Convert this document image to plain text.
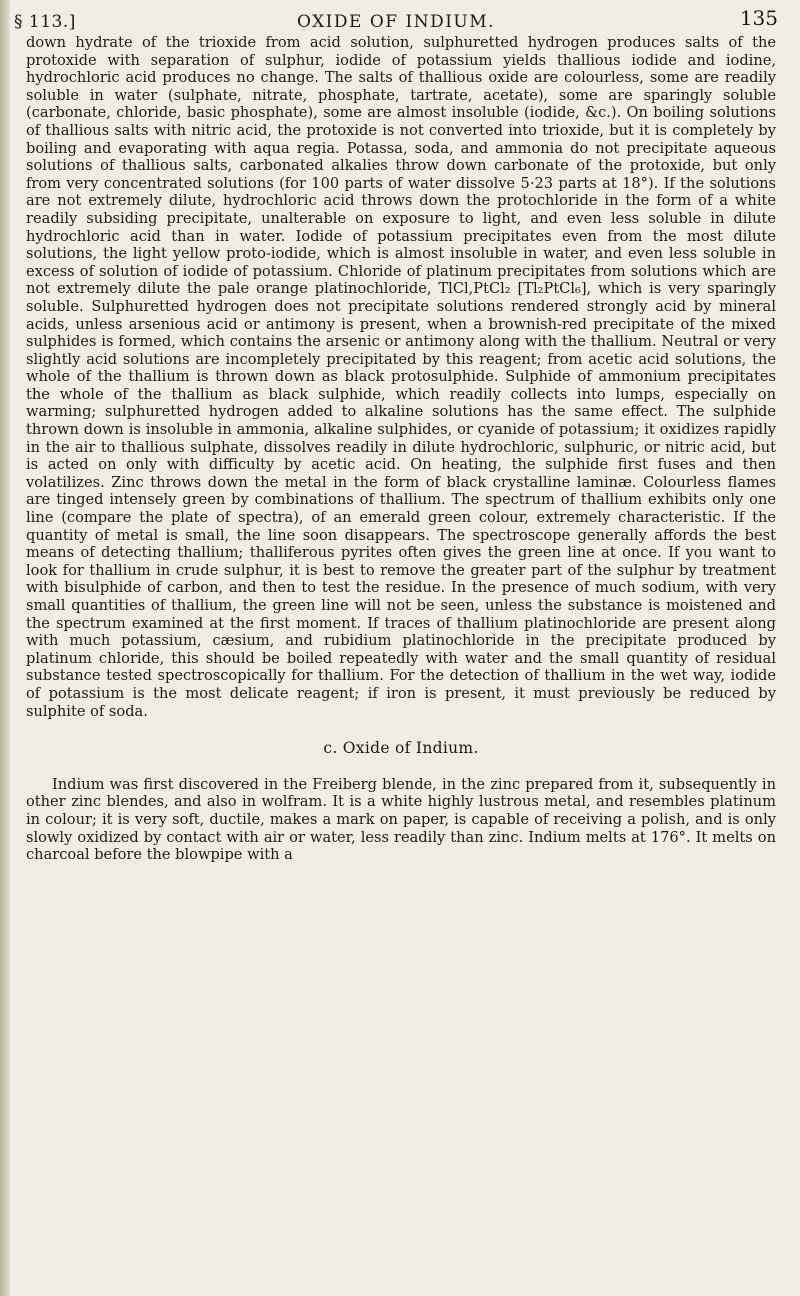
§ 113.]	OXIDE OF INDIUM.	135

down hydrate of the trioxide from acid solution, sulphuretted hydrogen produces salts of the protoxide with separation of sulphur, iodide of potassium yields thallious iodide and iodine, hydrochloric acid produces no change. The salts of thallious oxide are colourless, some are readily soluble in water (sulphate, nitrate, phosphate, tartrate, acetate), some are sparingly soluble (carbonate, chloride, basic phosphate), some are almost insoluble (iodide, &c.). On boiling solutions of thallious salts with nitric acid, the protoxide is not converted into trioxide, but it is completely by boiling and evaporating with aqua regia. Potassa, soda, and ammonia do not precipitate aqueous solutions of thallious salts, carbonated alkalies throw down carbonate of the protoxide, but only from very concentrated solutions (for 100 parts of water dissolve 5·23 parts at 18°). If the solutions are not extremely dilute, hydrochloric acid throws down the protochloride in the form of a white readily subsiding precipitate, unalterable on exposure to light, and even less soluble in dilute hydrochloric acid than in water. Iodide of potassium precipitates even from the most dilute solutions, the light yellow proto-iodide, which is almost insoluble in water, and even less soluble in excess of solution of iodide of potassium. Chloride of platinum precipitates from solutions which are not extremely dilute the pale orange platinochloride, TlCl,PtCl₂ [Tl₂PtCl₆], which is very sparingly soluble. Sulphuretted hydrogen does not precipitate solutions rendered strongly acid by mineral acids, unless arsenious acid or antimony is present, when a brownish-red precipitate of the mixed sulphides is formed, which contains the arsenic or antimony along with the thallium. Neutral or very slightly acid solutions are incompletely precipitated by this reagent; from acetic acid solutions, the whole of the thallium is thrown down as black protosulphide. Sulphide of ammonium precipitates the whole of the thallium as black sulphide, which readily collects into lumps, especially on warming; sulphuretted hydrogen added to alkaline solutions has the same effect. The sulphide thrown down is insoluble in ammonia, alkaline sulphides, or cyanide of potassium; it oxidizes rapidly in the air to thallious sulphate, dissolves readily in dilute hydrochloric, sulphuric, or nitric acid, but is acted on only with difficulty by acetic acid. On heating, the sulphide first fuses and then volatilizes. Zinc throws down the metal in the form of black crystalline laminæ. Colourless flames are tinged intensely green by combinations of thallium. The spectrum of thallium exhibits only one line (compare the plate of spectra), of an emerald green colour, extremely characteristic. If the quantity of metal is small, the line soon disappears. The spectroscope generally affords the best means of detecting thallium; thalliferous pyrites often gives the green line at once. If you want to look for thallium in crude sulphur, it is best to remove the greater part of the sulphur by treatment with bisulphide of carbon, and then to test the residue. In the presence of much sodium, with very small quantities of thallium, the green line will not be seen, unless the substance is moistened and the spectrum examined at the first moment. If traces of thallium platinochloride are present along with much potassium, cæsium, and rubidium platinochloride in the precipitate produced by platinum chloride, this should be boiled repeatedly with water and the small quantity of residual substance tested spectroscopically for thallium. For the detection of thallium in the wet way, iodide of potassium is the most delicate reagent; if iron is present, it must previously be reduced by sulphite of soda.

c. Oxide of Indium.

Indium was first discovered in the Freiberg blende, in the zinc prepared from it, subsequently in other zinc blendes, and also in wolfram. It is a white highly lustrous metal, and resembles platinum in colour; it is very soft, ductile, makes a mark on paper, is capable of receiving a polish, and is only slowly oxidized by contact with air or water, less readily than zinc. Indium melts at 176°. It melts on charcoal before the blowpipe with a
